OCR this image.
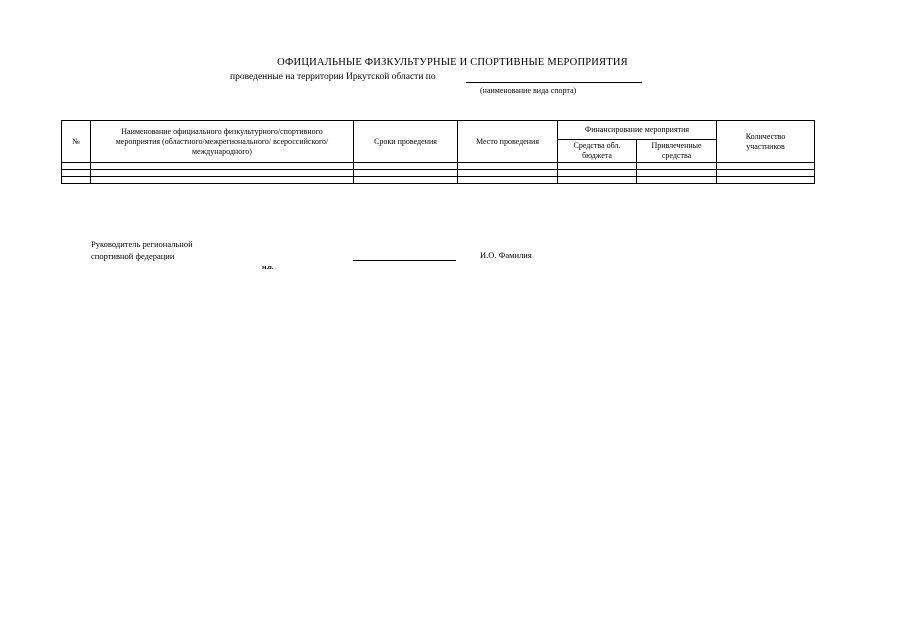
ОФИЦИАЛЬНЫЕ ФИЗКУЛЬТУРНЫЕ И СПОРТИВНЫЕ МЕРОПРИЯТИЯ
проведенные на территории Иркутской области по
(наименование вида спорта)
№	Наименование официального физкультурного/спортивного мероприятия (областного/межрегионального/ всероссийского/международного)	Сроки проведения	Место проведения	Финансирование мероприятия		Количество участников
				Средства обл. бюджета	Привлеченные средства	

Руководитель региональной
спортивной федерации	И.О. Фамилия
м.п.
